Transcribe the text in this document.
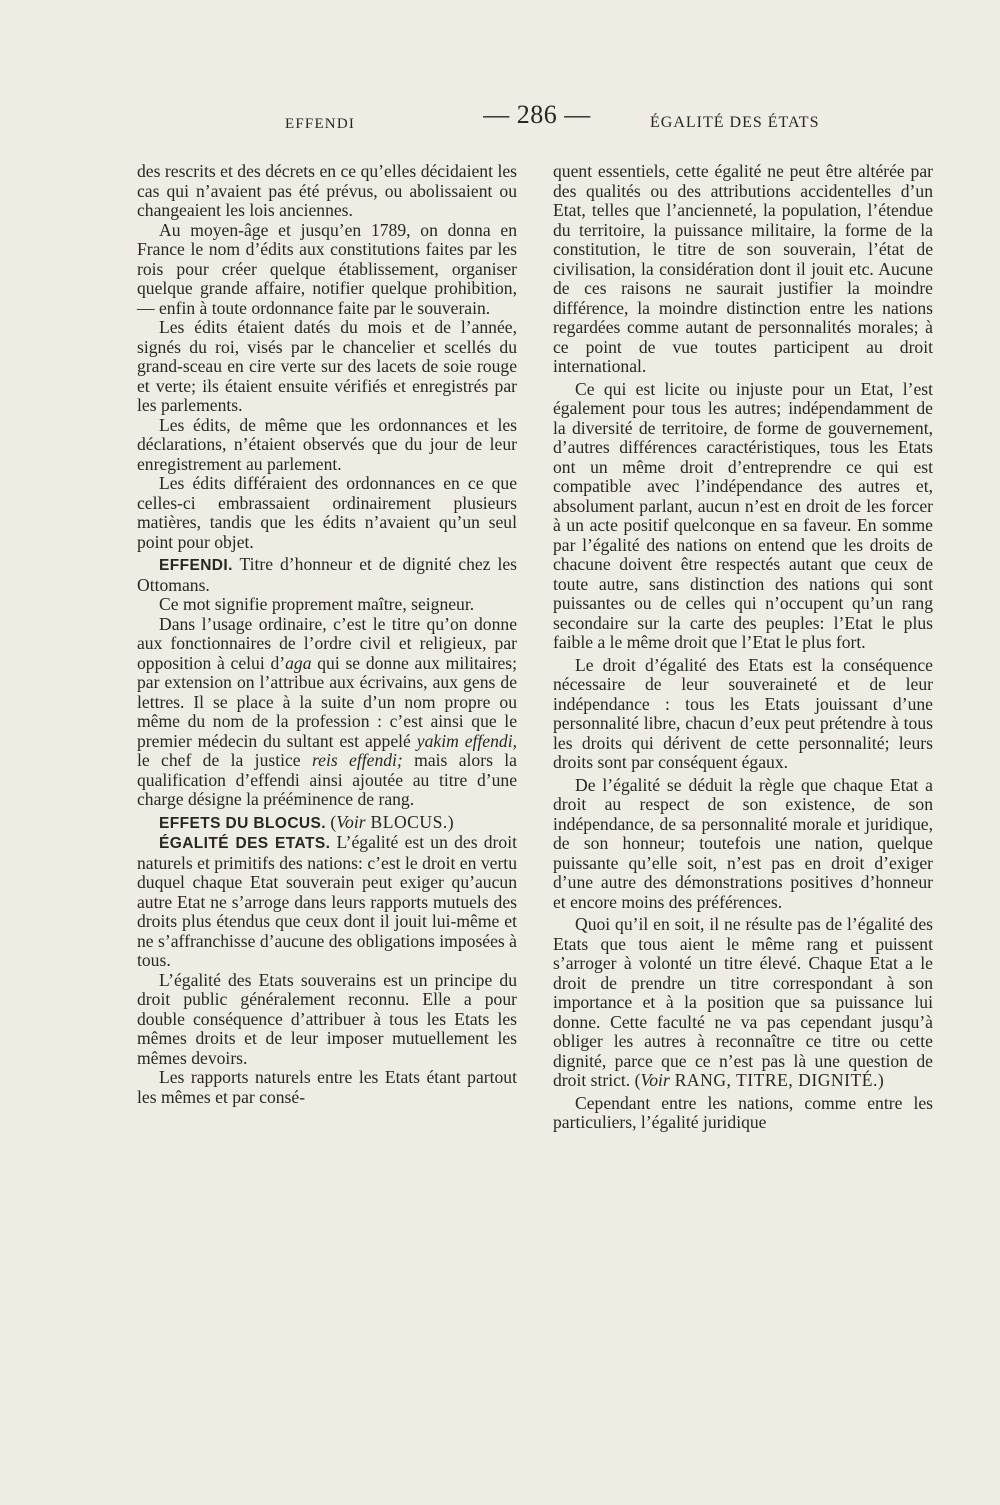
EFFENDI	— 286 —	ÉGALITÉ DES ÉTATS

des rescrits et des décrets en ce qu’elles décidaient les cas qui n’avaient pas été prévus, ou abolissaient ou changeaient les lois anciennes.

Au moyen-âge et jusqu’en 1789, on donna en France le nom d’édits aux constitutions faites par les rois pour créer quelque établissement, organiser quelque grande affaire, notifier quelque prohibition, — enfin à toute ordonnance faite par le souverain.

Les édits étaient datés du mois et de l’année, signés du roi, visés par le chancelier et scellés du grand-sceau en cire verte sur des lacets de soie rouge et verte; ils étaient ensuite vérifiés et enregistrés par les parlements.

Les édits, de même que les ordonnances et les déclarations, n’étaient observés que du jour de leur enregistrement au parlement.

Les édits différaient des ordonnances en ce que celles-ci embrassaient ordinairement plusieurs matières, tandis que les édits n’avaient qu’un seul point pour objet.

EFFENDI. Titre d’honneur et de dignité chez les Ottomans.

Ce mot signifie proprement maître, seigneur.

Dans l’usage ordinaire, c’est le titre qu’on donne aux fonctionnaires de l’ordre civil et religieux, par opposition à celui d’aga qui se donne aux militaires; par extension on l’attribue aux écrivains, aux gens de lettres. Il se place à la suite d’un nom propre ou même du nom de la profession : c’est ainsi que le premier médecin du sultant est appelé yakim effendi, le chef de la justice reis effendi; mais alors la qualification d’effendi ainsi ajoutée au titre d’une charge désigne la prééminence de rang.

EFFETS DU BLOCUS. (Voir BLOCUS.)

ÉGALITÉ DES ETATS. L’égalité est un des droit naturels et primitifs des nations: c’est le droit en vertu duquel chaque Etat souverain peut exiger qu’aucun autre Etat ne s’arroge dans leurs rapports mutuels des droits plus étendus que ceux dont il jouit lui-même et ne s’affranchisse d’aucune des obligations imposées à tous.

L’égalité des Etats souverains est un principe du droit public généralement reconnu. Elle a pour double conséquence d’attribuer à tous les Etats les mêmes droits et de leur imposer mutuellement les mêmes devoirs.

Les rapports naturels entre les Etats étant partout les mêmes et par consé-

quent essentiels, cette égalité ne peut être altérée par des qualités ou des attributions accidentelles d’un Etat, telles que l’ancienneté, la population, l’étendue du territoire, la puissance militaire, la forme de la constitution, le titre de son souverain, l’état de civilisation, la considération dont il jouit etc. Aucune de ces raisons ne saurait justifier la moindre différence, la moindre distinction entre les nations regardées comme autant de personnalités morales; à ce point de vue toutes participent au droit international.

Ce qui est licite ou injuste pour un Etat, l’est également pour tous les autres; indépendamment de la diversité de territoire, de forme de gouvernement, d’autres différences caractéristiques, tous les Etats ont un même droit d’entreprendre ce qui est compatible avec l’indépendance des autres et, absolument parlant, aucun n’est en droit de les forcer à un acte positif quelconque en sa faveur. En somme par l’égalité des nations on entend que les droits de chacune doivent être respectés autant que ceux de toute autre, sans distinction des nations qui sont puissantes ou de celles qui n’occupent qu’un rang secondaire sur la carte des peuples: l’Etat le plus faible a le même droit que l’Etat le plus fort.

Le droit d’égalité des Etats est la conséquence nécessaire de leur souveraineté et de leur indépendance : tous les Etats jouissant d’une personnalité libre, chacun d’eux peut prétendre à tous les droits qui dérivent de cette personnalité; leurs droits sont par conséquent égaux.

De l’égalité se déduit la règle que chaque Etat a droit au respect de son existence, de son indépendance, de sa personnalité morale et juridique, de son honneur; toutefois une nation, quelque puissante qu’elle soit, n’est pas en droit d’exiger d’une autre des démonstrations positives d’honneur et encore moins des préférences.

Quoi qu’il en soit, il ne résulte pas de l’égalité des Etats que tous aient le même rang et puissent s’arroger à volonté un titre élevé. Chaque Etat a le droit de prendre un titre correspondant à son importance et à la position que sa puissance lui donne. Cette faculté ne va pas cependant jusqu’à obliger les autres à reconnaître ce titre ou cette dignité, parce que ce n’est pas là une question de droit strict. (Voir RANG, TITRE, DIGNITÉ.)

Cependant entre les nations, comme entre les particuliers, l’égalité juridique
